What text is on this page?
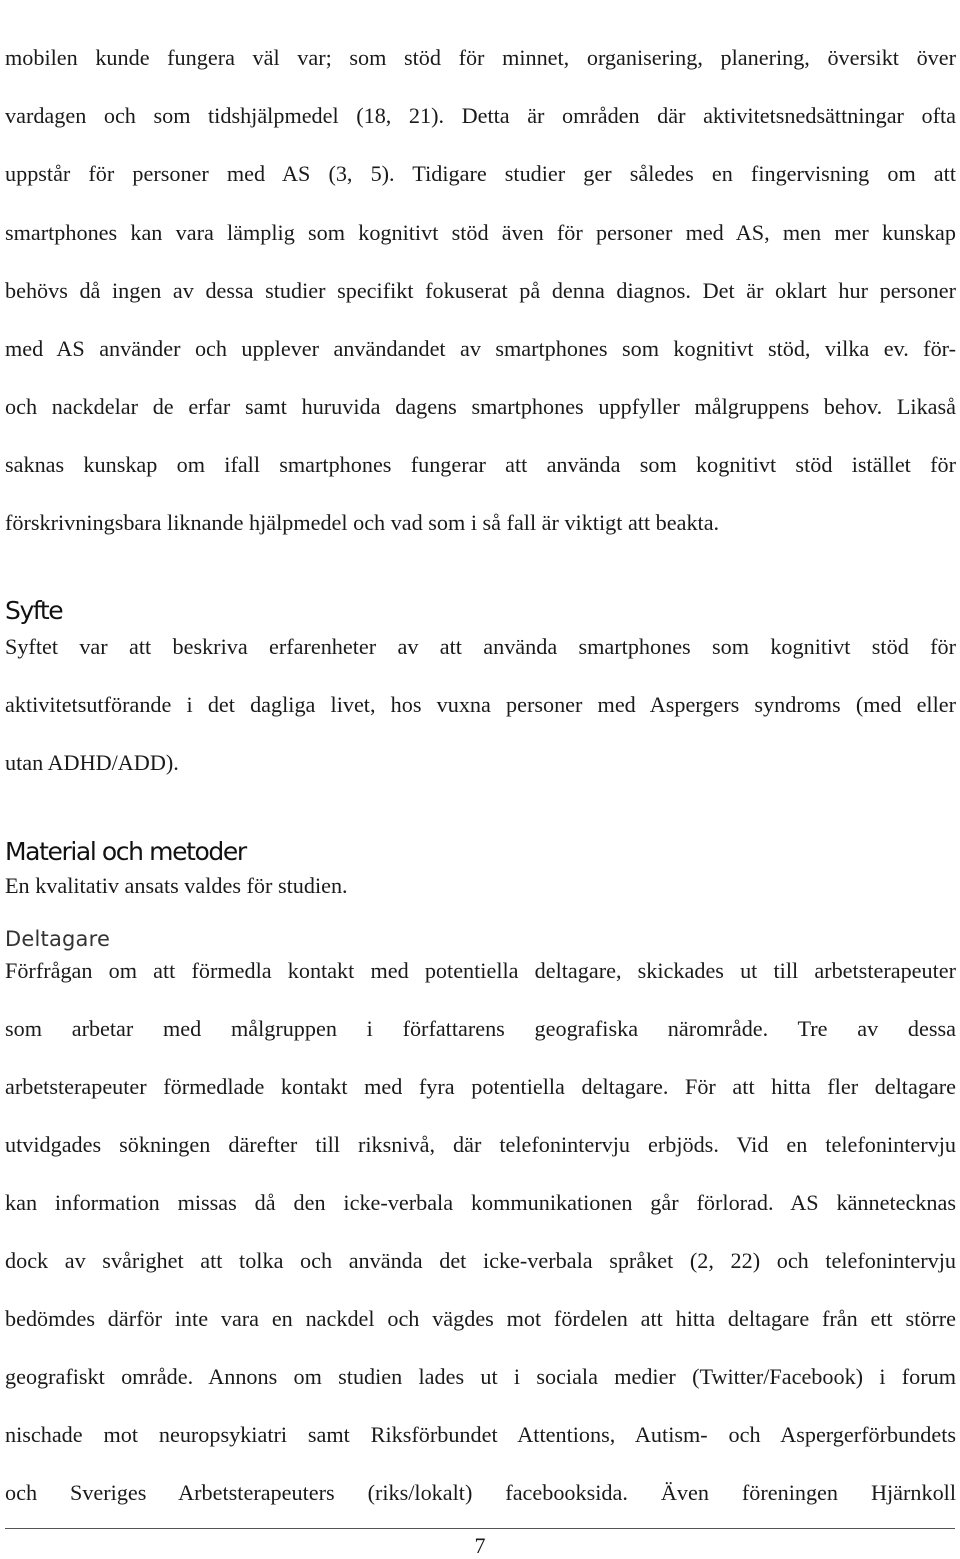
mobilen kunde fungera väl var; som stöd för minnet, organisering, planering, översikt över
vardagen och som tidshjälpmedel (18, 21). Detta är områden där aktivitetsnedsättningar ofta
uppstår för personer med AS (3, 5). Tidigare studier ger således en fingervisning om att
smartphones kan vara lämplig som kognitivt stöd även för personer med AS, men mer kunskap
behövs då ingen av dessa studier specifikt fokuserat på denna diagnos. Det är oklart hur personer
med AS använder och upplever användandet av smartphones som kognitivt stöd, vilka ev. för-
och nackdelar de erfar samt huruvida dagens smartphones uppfyller målgruppens behov. Likaså
saknas kunskap om ifall smartphones fungerar att använda som kognitivt stöd istället för
förskrivningsbara liknande hjälpmedel och vad som i så fall är viktigt att beakta.
Syfte
Syftet var att beskriva erfarenheter av att använda smartphones som kognitivt stöd för
aktivitetsutförande i det dagliga livet, hos vuxna personer med Aspergers syndroms (med eller
utan ADHD/ADD).
Material och metoder
En kvalitativ ansats valdes för studien.
Deltagare
Förfrågan om att förmedla kontakt med potentiella deltagare, skickades ut till arbetsterapeuter
som arbetar med målgruppen i författarens geografiska närområde. Tre av dessa
arbetsterapeuter förmedlade kontakt med fyra potentiella deltagare. För att hitta fler deltagare
utvidgades sökningen därefter till riksnivå, där telefonintervju erbjöds. Vid en telefonintervju
kan information missas då den icke-verbala kommunikationen går förlorad. AS kännetecknas
dock av svårighet att tolka och använda det icke-verbala språket (2, 22) och telefonintervju
bedömdes därför inte vara en nackdel och vägdes mot fördelen att hitta deltagare från ett större
geografiskt område. Annons om studien lades ut i sociala medier (Twitter/Facebook) i forum
nischade mot neuropsykiatri samt Riksförbundet Attentions, Autism- och Aspergerförbundets
och Sveriges Arbetsterapeuters (riks/lokalt) facebooksida. Även föreningen Hjärnkoll
7
